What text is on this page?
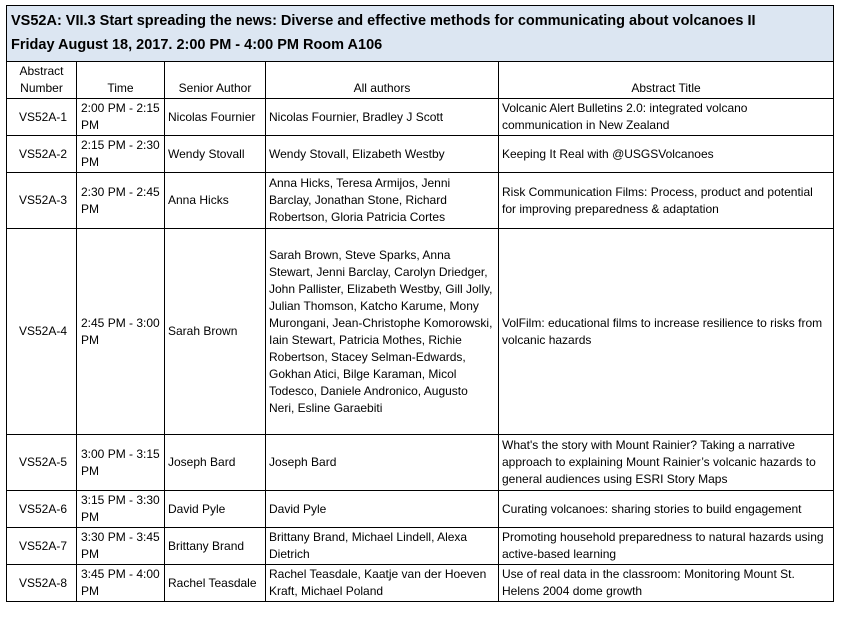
VS52A: VII.3 Start spreading the news: Diverse and effective methods for communicating about volcanoes II
Friday August 18, 2017. 2:00 PM - 4:00 PM Room A106				

Abstract
Number	Time	Senior Author	All authors	Abstract Title
VS52A-1	2:00 PM - 2:15 PM	Nicolas Fournier	Nicolas Fournier, Bradley J Scott	Volcanic Alert Bulletins 2.0: integrated volcano communication in New Zealand
VS52A-2	2:15 PM - 2:30 PM	Wendy Stovall	Wendy Stovall, Elizabeth Westby	Keeping It Real with @USGSVolcanoes
VS52A-3	2:30 PM - 2:45 PM	Anna Hicks	Anna Hicks, Teresa Armijos, Jenni Barclay, Jonathan Stone, Richard Robertson, Gloria Patricia Cortes	Risk Communication Films: Process, product and potential for improving preparedness & adaptation
VS52A-4	2:45 PM - 3:00 PM	Sarah Brown	Sarah Brown, Steve Sparks, Anna Stewart, Jenni Barclay, Carolyn Driedger, John Pallister, Elizabeth Westby, Gill Jolly, Julian Thomson, Katcho Karume, Mony Murongani, Jean-Christophe Komorowski, Iain Stewart, Patricia Mothes, Richie Robertson, Stacey Selman-Edwards, Gokhan Atici, Bilge Karaman, Micol Todesco, Daniele Andronico, Augusto Neri, Esline Garaebiti	VolFilm: educational films to increase resilience to risks from volcanic hazards
VS52A-5	3:00 PM - 3:15 PM	Joseph Bard	Joseph Bard	What's the story with Mount Rainier? Taking a narrative approach to explaining Mount Rainier’s volcanic hazards to general audiences using ESRI Story Maps
VS52A-6	3:15 PM - 3:30 PM	David Pyle	David Pyle	Curating volcanoes: sharing stories to build engagement
VS52A-7	3:30 PM - 3:45 PM	Brittany Brand	Brittany Brand, Michael Lindell, Alexa Dietrich	Promoting household preparedness to natural hazards using active-based learning
VS52A-8	3:45 PM - 4:00 PM	Rachel Teasdale	Rachel Teasdale, Kaatje van der Hoeven Kraft, Michael Poland	Use of real data in the classroom: Monitoring Mount St. Helens 2004 dome growth
